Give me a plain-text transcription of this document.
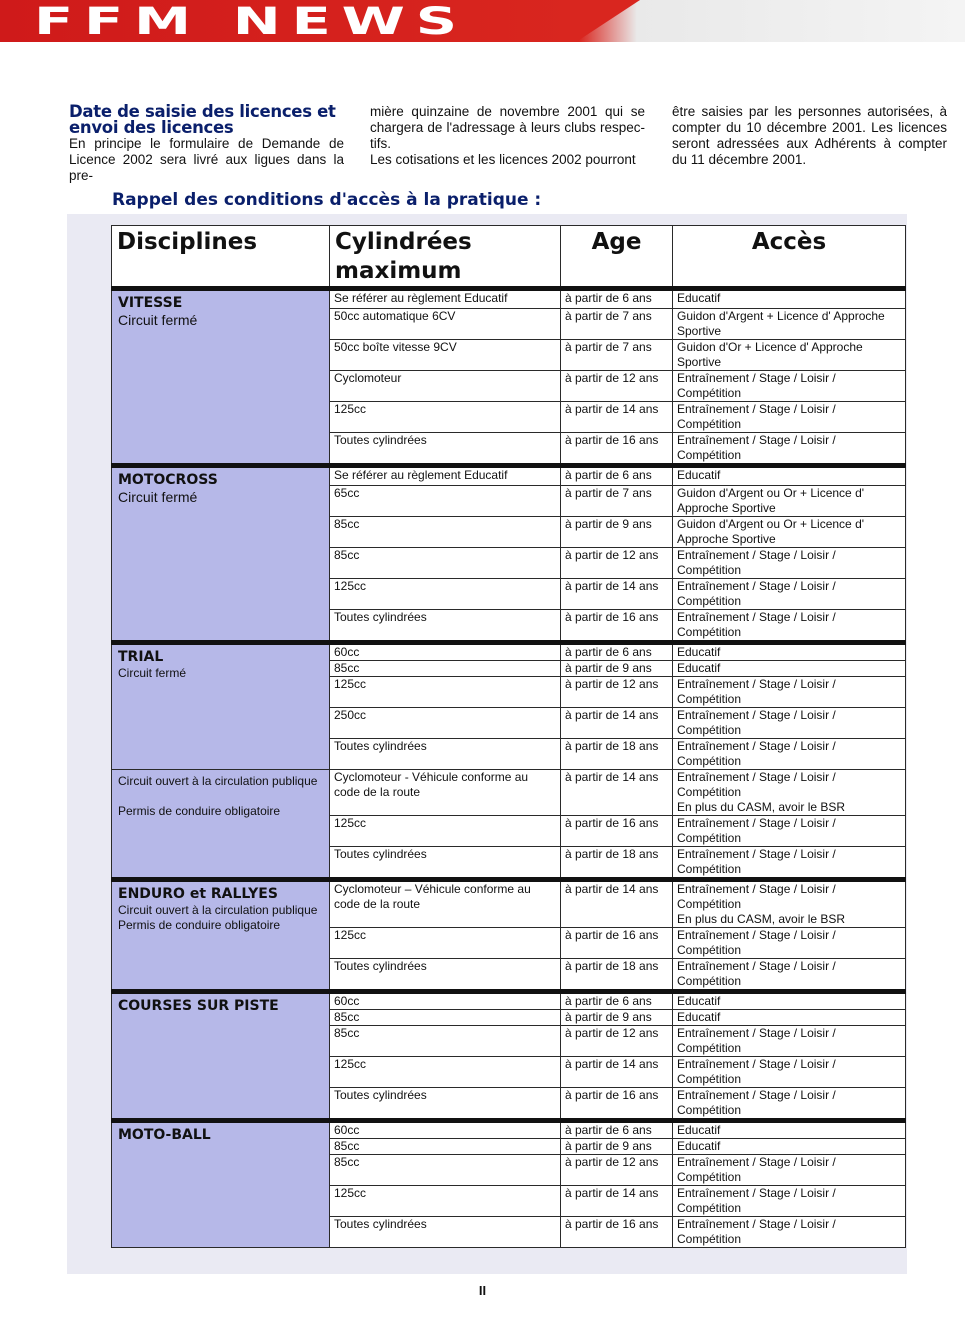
FFM NEWS
Date de saisie des licences et envoi des licences

En principe le formulaire de Demande de Licence 2002 sera livré aux ligues dans la pre-

mière quinzaine de novembre 2001 qui se chargera de l'adressage à leurs clubs respec-tifs.

Les cotisations et les licences 2002 pourront

être saisies par les personnes autorisées, à compter du 10 décembre 2001. Les licences seront adressées aux Adhérents à compter du 11 décembre 2001.

Rappel des conditions d'accès à la pratique :
Disciplines	Cylindrées
maximum	Age	Accès

VITESSE
Circuit fermé	Se référer au règlement Educatif	à partir de 6 ans	Educatif
	50cc automatique 6CV	à partir de 7 ans	Guidon d'Argent + Licence d' Approche
Sportive
	50cc boîte vitesse 9CV	à partir de 7 ans	Guidon d'Or + Licence d' Approche
Sportive
	Cyclomoteur	à partir de 12 ans	Entraînement / Stage / Loisir /
Compétition
	125cc	à partir de 14 ans	Entraînement / Stage / Loisir /
Compétition
	Toutes cylindrées	à partir de 16 ans	Entraînement / Stage / Loisir /
Compétition

MOTOCROSS
Circuit fermé	Se référer au règlement Educatif	à partir de 6 ans	Educatif
	65cc	à partir de 7 ans	Guidon d'Argent ou Or + Licence d'
Approche Sportive
	85cc	à partir de 9 ans	Guidon d'Argent ou Or + Licence d'
Approche Sportive
	85cc	à partir de 12 ans	Entraînement / Stage / Loisir /
Compétition
	125cc	à partir de 14 ans	Entraînement / Stage / Loisir /
Compétition
	Toutes cylindrées	à partir de 16 ans	Entraînement / Stage / Loisir /
Compétition

TRIAL
Circuit fermé	60cc	à partir de 6 ans	Educatif
	85cc	à partir de 9 ans	Educatif
	125cc	à partir de 12 ans	Entraînement / Stage / Loisir /
Compétition
	250cc	à partir de 14 ans	Entraînement / Stage / Loisir /
Compétition
	Toutes cylindrées	à partir de 18 ans	Entraînement / Stage / Loisir /
Compétition

Circuit ouvert à la circulation publique
Permis de conduire obligatoire	Cyclomoteur - Véhicule conforme au
code de la route	à partir de 14 ans	Entraînement / Stage / Loisir /
Compétition
En plus du CASM, avoir le BSR
	125cc	à partir de 16 ans	Entraînement / Stage / Loisir /
Compétition
	Toutes cylindrées	à partir de 18 ans	Entraînement / Stage / Loisir /
Compétition

ENDURO et RALLYES
Circuit ouvert à la circulation publique
Permis de conduire obligatoire	Cyclomoteur – Véhicule conforme au
code de la route	à partir de 14 ans	Entraînement / Stage / Loisir /
Compétition
En plus du CASM, avoir le BSR
	125cc	à partir de 16 ans	Entraînement / Stage / Loisir /
Compétition
	Toutes cylindrées	à partir de 18 ans	Entraînement / Stage / Loisir /
Compétition

COURSES SUR PISTE	60cc	à partir de 6 ans	Educatif
	85cc	à partir de 9 ans	Educatif
	85cc	à partir de 12 ans	Entraînement / Stage / Loisir /
Compétition
	125cc	à partir de 14 ans	Entraînement / Stage / Loisir /
Compétition
	Toutes cylindrées	à partir de 16 ans	Entraînement / Stage / Loisir /
Compétition

MOTO-BALL	60cc	à partir de 6 ans	Educatif
	85cc	à partir de 9 ans	Educatif
	85cc	à partir de 12 ans	Entraînement / Stage / Loisir /
Compétition
	125cc	à partir de 14 ans	Entraînement / Stage / Loisir /
Compétition
	Toutes cylindrées	à partir de 16 ans	Entraînement / Stage / Loisir /
Compétition

II
